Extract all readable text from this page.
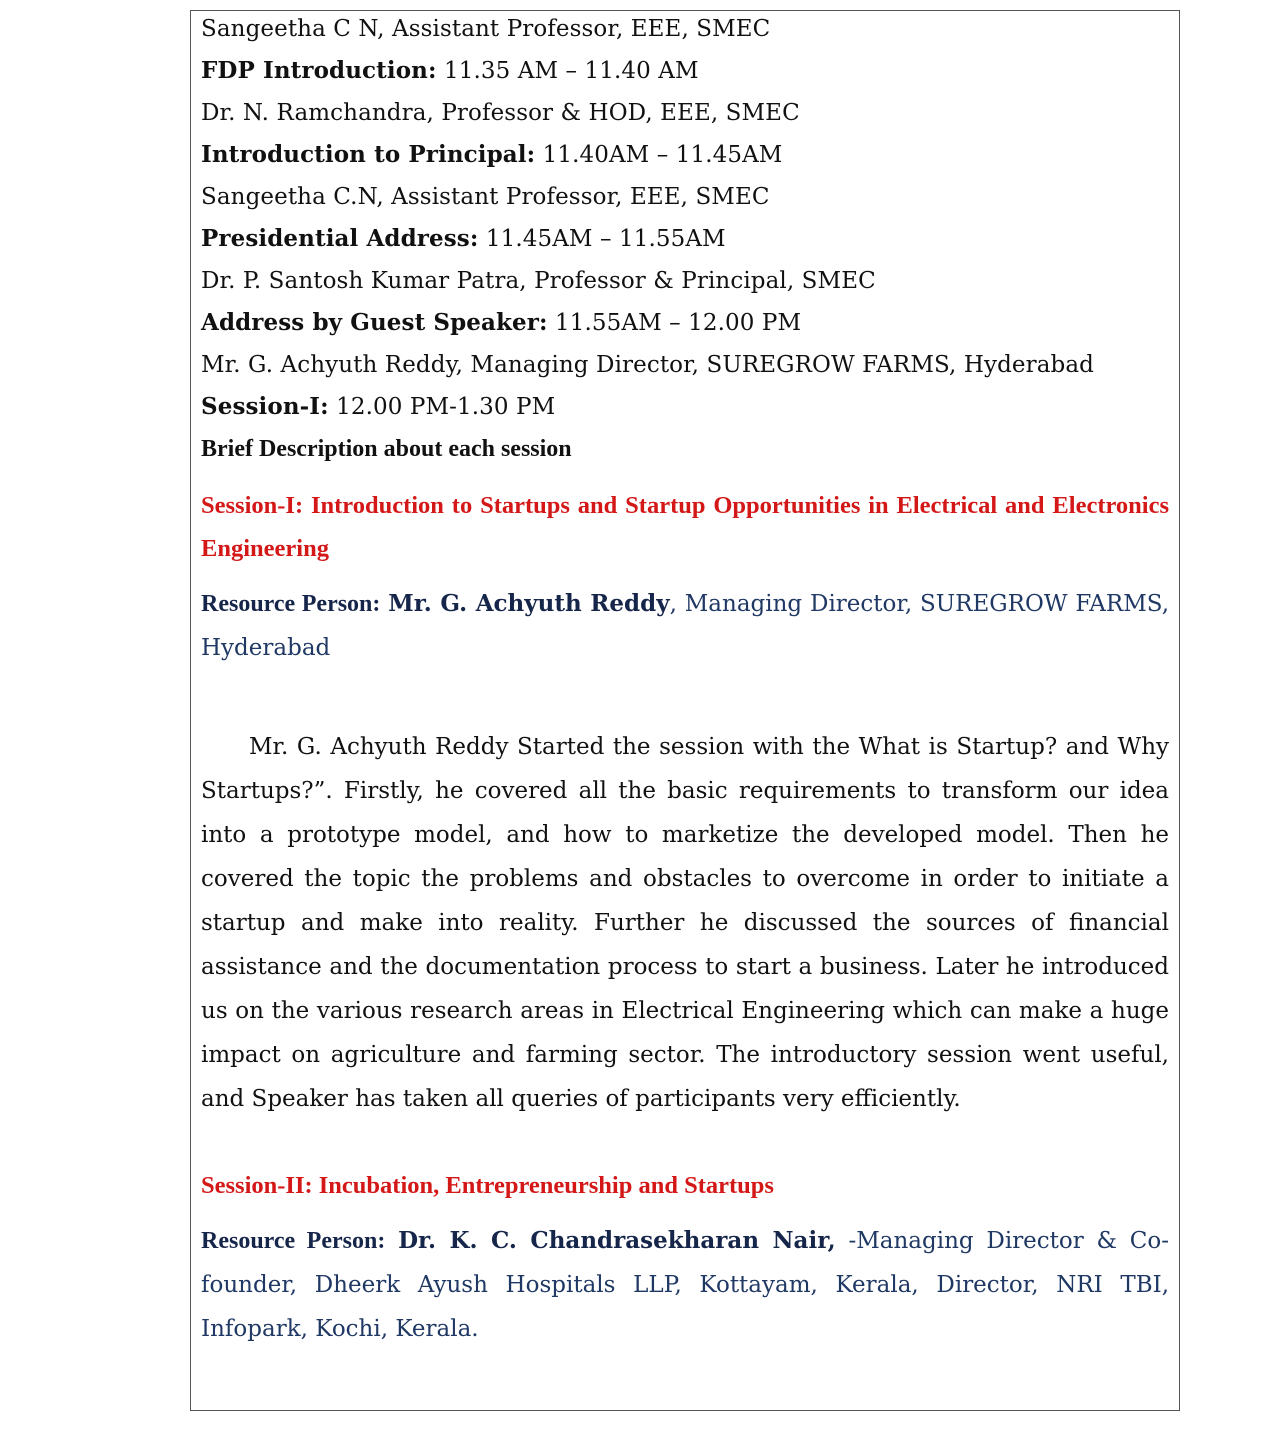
Sangeetha C N, Assistant Professor, EEE, SMEC
FDP Introduction: 11.35 AM – 11.40 AM
Dr. N. Ramchandra, Professor & HOD, EEE, SMEC
Introduction to Principal: 11.40AM – 11.45AM
Sangeetha C.N, Assistant Professor, EEE, SMEC
Presidential Address: 11.45AM – 11.55AM
Dr. P. Santosh Kumar Patra, Professor & Principal, SMEC
Address by Guest Speaker: 11.55AM – 12.00 PM
Mr. G. Achyuth Reddy, Managing Director, SUREGROW FARMS, Hyderabad
Session-I: 12.00 PM-1.30 PM
Brief Description about each session
Session-I: Introduction to Startups and Startup Opportunities in Electrical and Electronics Engineering
Resource Person: Mr. G. Achyuth Reddy, Managing Director, SUREGROW FARMS, Hyderabad
Mr. G. Achyuth Reddy Started the session with the What is Startup? and Why Startups?”. Firstly, he covered all the basic requirements to transform our idea into a prototype model, and how to marketize the developed model. Then he covered the topic the problems and obstacles to overcome in order to initiate a startup and make into reality. Further he discussed the sources of financial assistance and the documentation process to start a business. Later he introduced us on the various research areas in Electrical Engineering which can make a huge impact on agriculture and farming sector. The introductory session went useful, and Speaker has taken all queries of participants very efficiently.
Session-II: Incubation, Entrepreneurship and Startups
Resource Person: Dr. K. C. Chandrasekharan Nair, -Managing Director & Co-founder, Dheerk Ayush Hospitals LLP, Kottayam, Kerala, Director, NRI TBI, Infopark, Kochi, Kerala.
